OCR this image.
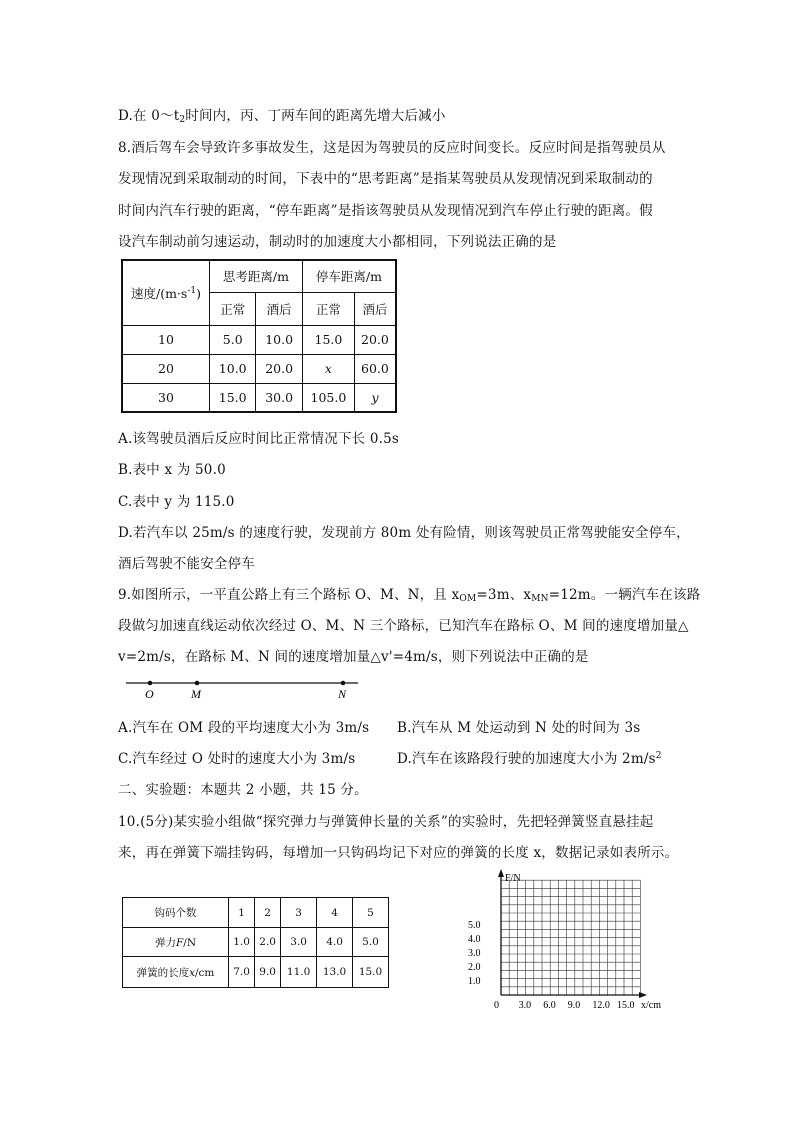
D.在 $0\sim t_2$时间内，丙、丁两车间的距离先增大后减小
8.酒后驾车会导致许多事故发生，这是因为驾驶员的反应时间变长。反应时间是指驾驶员从
发现情况到采取制动的时间，下表中的“思考距离”是指某驾驶员从发现情况到采取制动的
时间内汽车行驶的距离，“停车距离”是指该驾驶员从发现情况到汽车停止行驶的距离。假
设汽车制动前匀速运动，制动时的加速度大小都相同，下列说法正确的是
速度$/(m\cdot s^{-1})$	思考距离/m		停车距离/m	
	正常	酒后	正常	酒后
10	5.0	10.0	15.0	20.0
20	10.0	20.0	x	60.0
30	15.0	30.0	105.0	y
A.该驾驶员酒后反应时间比正常情况下长 0.5s
B.表中 x 为 50.0
C.表中 y 为 115.0
D.若汽车以 25m/s 的速度行驶，发现前方 80m 处有险情，则该驾驶员正常驾驶能安全停车，
酒后驾驶不能安全停车
9.如图所示，一平直公路上有三个路标 O、M、N，且 $x_{OM}=3m$、$x_{MN}=12m$。一辆汽车在该路
段做匀加速直线运动依次经过 O、M、N 三个路标，已知汽车在路标 O、M 间的速度增加量△
v=2m/s，在路标 M、N 间的速度增加量△v'=4m/s，则下列说法中正确的是
O	M	N
A.汽车在 OM 段的平均速度大小为 3m/s B.汽车从 M 处运动到 N 处的时间为 3s
C.汽车经过 O 处时的速度大小为 3m/s	D.汽车在该路段行驶的加速度大小为 $2m/s^2$
二、实验题：本题共 2 小题，共 15 分。
10.(5分)某实验小组做“探究弹力与弹簧伸长量的关系”的实验时，先把轻弹簧竖直悬挂起
来，再在弹簧下端挂钩码，每增加一只钩码均记下对应的弹簧的长度 x，数据记录如表所示。
钩码个数	1	2	3	4	5
弹力F/N	1.0	2.0	3.0	4.0	5.0
弹簧的长度x/cm	7.0	9.0	11.0	13.0	15.0
F/N
x/cm
0
1.0
2.0
3.0
4.0
5.0
3.0 6.0 9.0 12.0 15.0
